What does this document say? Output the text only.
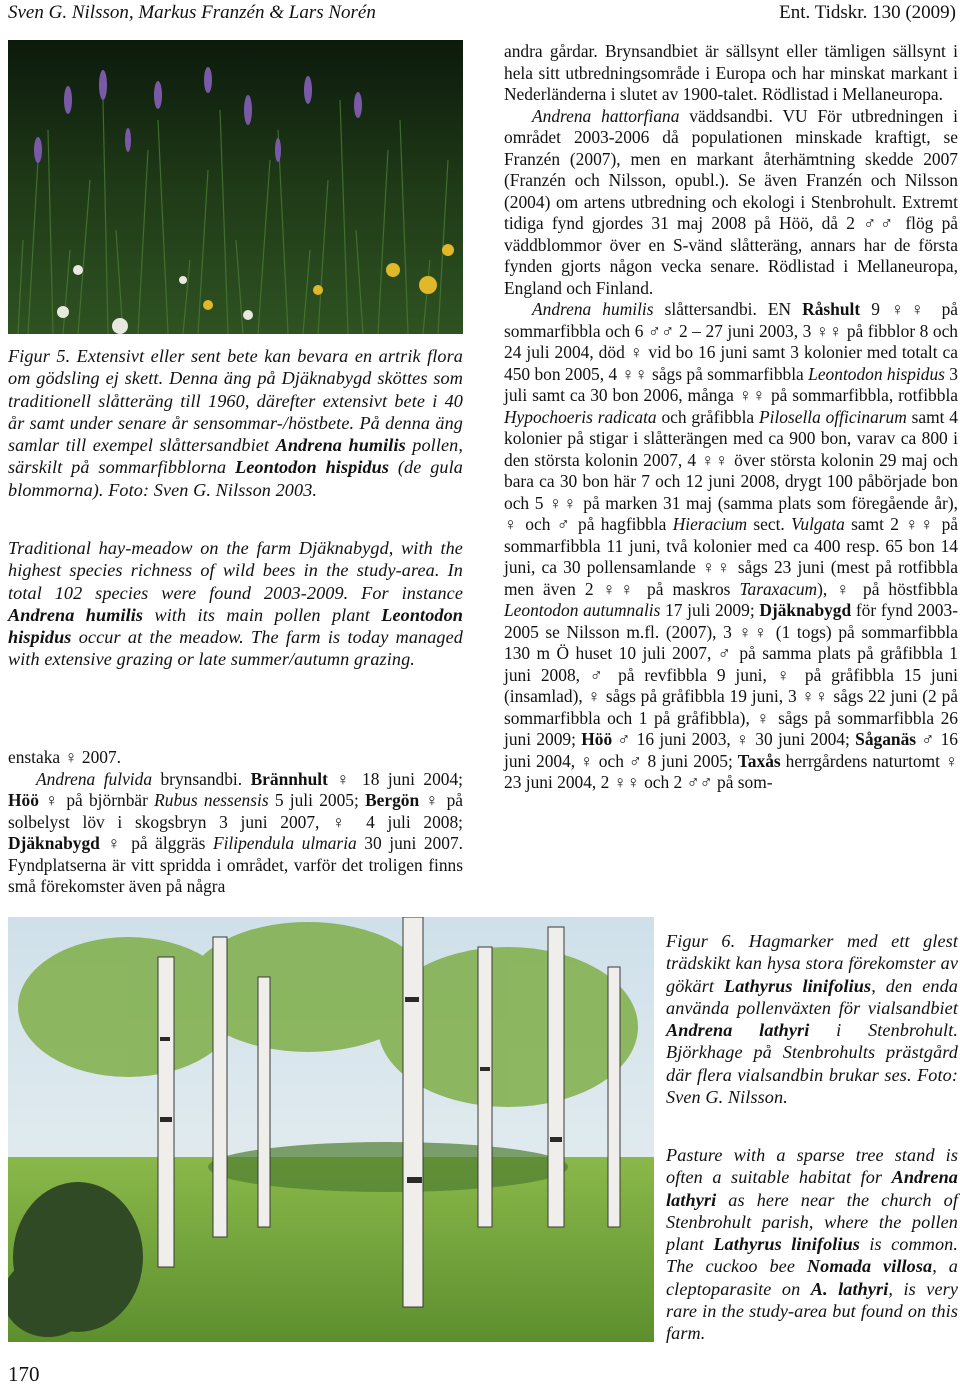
Sven G. Nilsson, Markus Franzén & Lars Norén	Ent. Tidskr. 130 (2009)
Figur 5. Extensivt eller sent bete kan bevara en artrik flora om gödsling ej skett. Denna äng på Djäknabygd sköttes som traditionell slåtteräng till 1960, därefter extensivt bete i 40 år samt under senare år sensommar-/höstbete. På denna äng samlar till exempel slåttersandbiet Andrena humilis pollen, särskilt på sommarfibblorna Leontodon hispidus (de gula blommorna). Foto: Sven G. Nilsson 2003.
Traditional hay-meadow on the farm Djäknabygd, with the highest species richness of wild bees in the study-area. In total 102 species were found 2003-2009. For instance Andrena humilis with its main pollen plant Leontodon hispidus occur at the meadow. The farm is today managed with extensive grazing or late summer/autumn grazing.

enstaka ♀ 2007.

Andrena fulvida brynsandbi. Brännhult ♀ 18 juni 2004; Höö ♀ på björnbär Rubus nessensis 5 juli 2005; Bergön ♀ på solbelyst löv i skogsbryn 3 juni 2007, ♀ 4 juli 2008; Djäknabygd ♀ på älggräs Filipendula ulmaria 30 juni 2007. Fyndplatserna är vitt spridda i området, varför det troligen finns små förekomster även på några

andra gårdar. Brynsandbiet är sällsynt eller tämligen sällsynt i hela sitt utbredningsområde i Europa och har minskat markant i Nederländerna i slutet av 1900-talet. Rödlistad i Mellaneuropa.

Andrena hattorfiana väddsandbi. VU För utbredningen i området 2003-2006 då populationen minskade kraftigt, se Franzén (2007), men en markant återhämtning skedde 2007 (Franzén och Nilsson, opubl.). Se även Franzén och Nilsson (2004) om artens utbredning och ekologi i Stenbrohult. Extremt tidiga fynd gjordes 31 maj 2008 på Höö, då 2 ♂♂ flög på väddblommor över en S-vänd slåtteräng, annars har de första fynden gjorts någon vecka senare. Rödlistad i Mellaneuropa, England och Finland.

Andrena humilis slåttersandbi. EN Råshult 9 ♀♀ på sommarfibbla och 6 ♂♂ 2 – 27 juni 2003, 3 ♀♀ på fibblor 8 och 24 juli 2004, död ♀ vid bo 16 juni samt 3 kolonier med totalt ca 450 bon 2005, 4 ♀♀ sågs på sommarfibbla Leontodon hispidus 3 juli samt ca 30 bon 2006, många ♀♀ på sommarfibbla, rotfibbla Hypochoeris radicata och gråfibbla Pilosella officinarum samt 4 kolonier på stigar i slåtterängen med ca 900 bon, varav ca 800 i den största kolonin 2007, 4 ♀♀ över största kolonin 29 maj och bara ca 30 bon här 7 och 12 juni 2008, drygt 100 påbörjade bon och 5 ♀♀ på marken 31 maj (samma plats som föregående år), ♀ och ♂ på hagfibbla Hieracium sect. Vulgata samt 2 ♀♀ på sommarfibbla 11 juni, två kolonier med ca 400 resp. 65 bon 14 juni, ca 30 pollensamlande ♀♀ sågs 23 juni (mest på rotfibbla men även 2 ♀♀ på maskros Taraxacum), ♀ på höstfibbla Leontodon autumnalis 17 juli 2009; Djäknabygd för fynd 2003-2005 se Nilsson m.fl. (2007), 3 ♀♀ (1 togs) på sommarfibbla 130 m Ö huset 10 juli 2007, ♂ på samma plats på gråfibbla 1 juni 2008, ♂ på revfibbla 9 juni, ♀ på gråfibbla 15 juni (insamlad), ♀ sågs på gråfibbla 19 juni, 3 ♀♀ sågs 22 juni (2 på sommarfibbla och 1 på gråfibbla), ♀ sågs på sommarfibbla 26 juni 2009; Höö ♂ 16 juni 2003, ♀ 30 juni 2004; Såganäs ♂ 16 juni 2004, ♀ och ♂ 8 juni 2005; Taxås herrgårdens naturtomt ♀ 23 juni 2004, 2 ♀♀ och 2 ♂♂ på som-

Figur 6. Hagmarker med ett glest trädskikt kan hysa stora förekomster av gökärt Lathyrus linifolius, den enda använda pollenväxten för vialsandbiet Andrena lathyri i Stenbrohult. Björkhage på Stenbrohults prästgård där flera vialsandbin brukar ses. Foto: Sven G. Nilsson.
Pasture with a sparse tree stand is often a suitable habitat for Andrena lathyri as here near the church of Stenbrohult parish, where the pollen plant Lathyrus linifolius is common. The cuckoo bee Nomada villosa, a cleptoparasite on A. lathyri, is very rare in the study-area but found on this farm.
170
